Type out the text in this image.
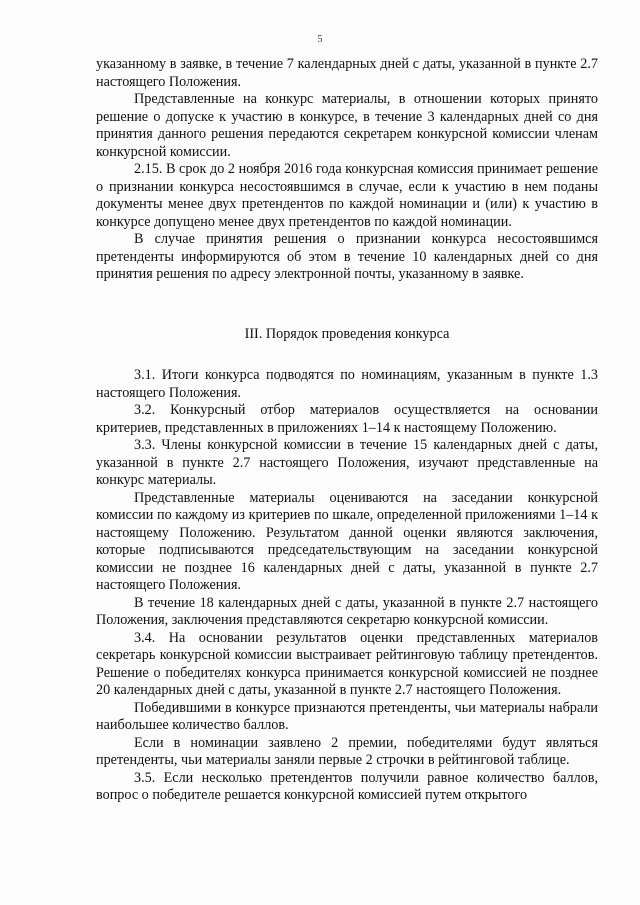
5

указанному в заявке, в течение 7 календарных дней с даты, указанной в пункте 2.7 настоящего Положения.

Представленные на конкурс материалы, в отношении которых принято решение о допуске к участию в конкурсе, в течение 3 календарных дней со дня принятия данного решения передаются секретарем конкурсной комиссии членам конкурсной комиссии.

2.15. В срок до 2 ноября 2016 года конкурсная комиссия принимает решение о признании конкурса несостоявшимся в случае, если к участию в нем поданы документы менее двух претендентов по каждой номинации и (или) к участию в конкурсе допущено менее двух претендентов по каждой номинации.

В случае принятия решения о признании конкурса несостоявшимся претенденты информируются об этом в течение 10 календарных дней со дня принятия решения по адресу электронной почты, указанному в заявке.

III. Порядок проведения конкурса

3.1. Итоги конкурса подводятся по номинациям, указанным в пункте 1.3 настоящего Положения.

3.2. Конкурсный отбор материалов осуществляется на основании критериев, представленных в приложениях 1–14 к настоящему Положению.

3.3. Члены конкурсной комиссии в течение 15 календарных дней с даты, указанной в пункте 2.7 настоящего Положения, изучают представленные на конкурс материалы.

Представленные материалы оцениваются на заседании конкурсной комиссии по каждому из критериев по шкале, определенной приложениями 1–14 к настоящему Положению. Результатом данной оценки являются заключения, которые подписываются председательствующим на заседании конкурсной комиссии не позднее 16 календарных дней с даты, указанной в пункте 2.7 настоящего Положения.

В течение 18 календарных дней с даты, указанной в пункте 2.7 настоящего Положения, заключения представляются секретарю конкурсной комиссии.

3.4. На основании результатов оценки представленных материалов секретарь конкурсной комиссии выстраивает рейтинговую таблицу претендентов. Решение о победителях конкурса принимается конкурсной комиссией не позднее 20 календарных дней с даты, указанной в пункте 2.7 настоящего Положения.

Победившими в конкурсе признаются претенденты, чьи материалы набрали наибольшее количество баллов.

Если в номинации заявлено 2 премии, победителями будут являться претенденты, чьи материалы заняли первые 2 строчки в рейтинговой таблице.

3.5. Если несколько претендентов получили равное количество баллов, вопрос о победителе решается конкурсной комиссией путем открытого
